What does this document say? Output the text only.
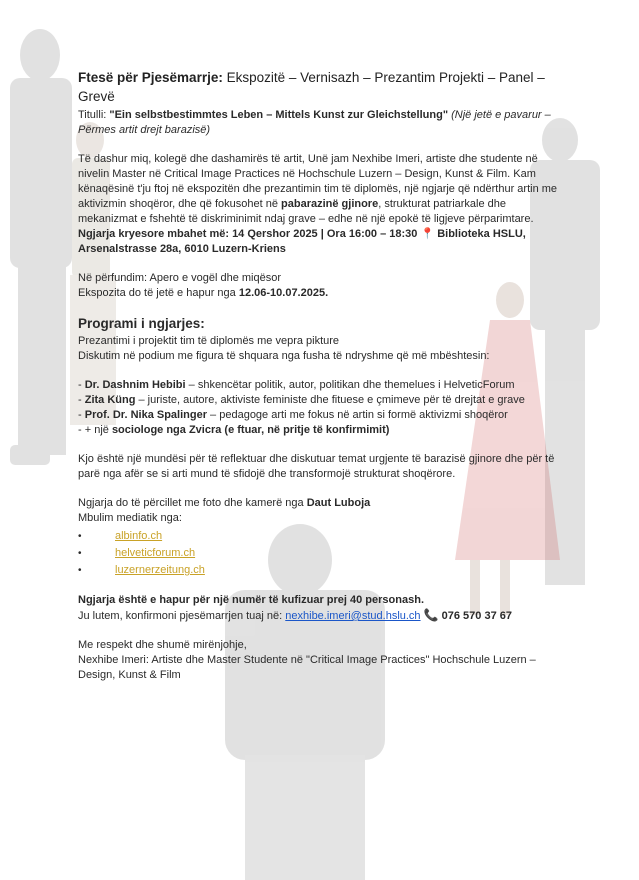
Ftesë për Pjesëmarrje: Ekspozitë – Vernisazh – Prezantim Projekti – Panel – Grevë

Titulli: "Ein selbstbestimmtes Leben – Mittels Kunst zur Gleichstellung" (Një jetë e pavarur – Përmes artit drejt barazisë)

Të dashur miq, kolegë dhe dashamirës të artit, Unë jam Nexhibe Imeri, artiste dhe studente në nivelin Master në Critical Image Practices në Hochschule Luzern – Design, Kunst & Film. Kam kënaqësinë t'ju ftoj në ekspozitën dhe prezantimin tim të diplomës, një ngjarje që ndërthur artin me aktivizmin shoqëror, dhe që fokusohet në pabarazinë gjinore, strukturat patriarkale dhe mekanizmat e fshehtë të diskriminimit ndaj grave – edhe në një epokë të ligjeve përparimtare.

Ngjarja kryesore mbahet më: 14 Qershor 2025 | Ora 16:00 – 18:30 📍 Biblioteka HSLU,
Arsenalstrasse 28a, 6010 Luzern-Kriens

Në përfundim: Apero e vogël dhe miqësor

Ekspozita do të jetë e hapur nga 12.06-10.07.2025.

Programi i ngjarjes:

Prezantimi i projektit tim të diplomës me vepra pikture

Diskutim në podium me figura të shquara nga fusha të ndryshme që më mbështesin:

- Dr. Dashnim Hebibi – shkencëtar politik, autor, politikan dhe themelues i HelveticForum

- Zita Küng – juriste, autore, aktiviste feministe dhe fituese e çmimeve për të drejtat e grave

- Prof. Dr. Nika Spalinger – pedagoge arti me fokus në artin si formë aktivizmi shoqëror

- + një sociologe nga Zvicra (e ftuar, në pritje të konfirmimit)

Kjo është një mundësi për të reflektuar dhe diskutuar temat urgjente të barazisë gjinore dhe për të parë nga afër se si arti mund të sfidojë dhe transformojë strukturat shoqërore.

Ngjarja do të përcillet me foto dhe kamerë nga Daut Luboja

Mbulim mediatik nga:

•	albinfo.ch
•	helveticforum.ch
•	luzernerzeitung.ch

Ngjarja është e hapur për një numër të kufizuar prej 40 personash.

Ju lutem, konfirmoni pjesëmarrjen tuaj në: nexhibe.imeri@stud.hslu.ch 📞 076 570 37 67

Me respekt dhe shumë mirënjohje,

Nexhibe Imeri: Artiste dhe Master Studente në "Critical Image Practices" Hochschule Luzern – Design, Kunst & Film
